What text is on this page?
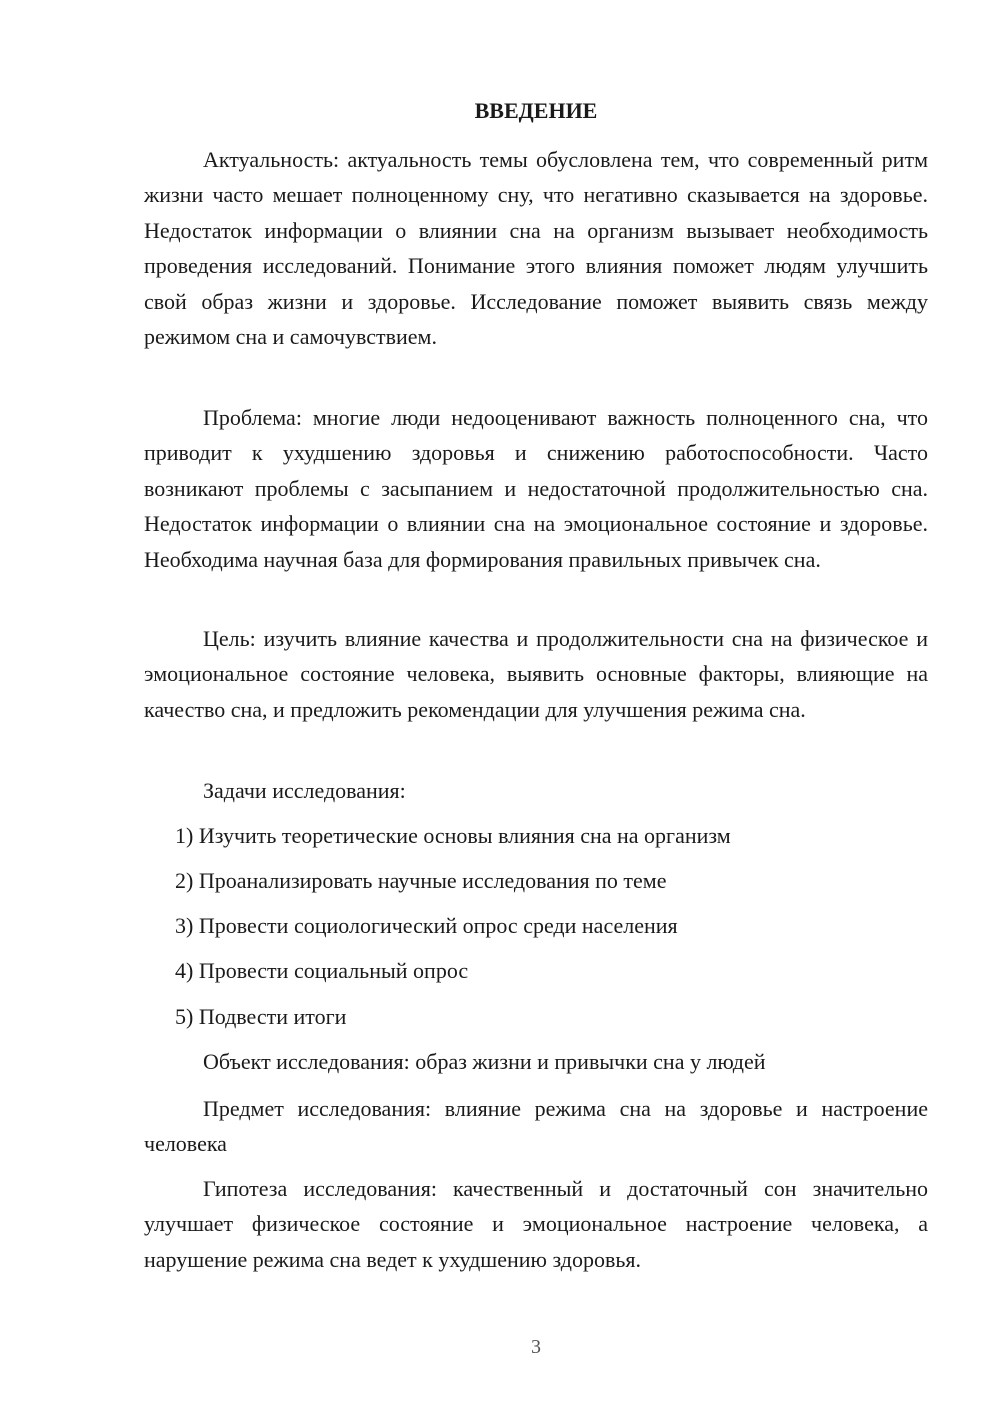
ВВЕДЕНИЕ

Актуальность: актуальность темы обусловлена тем, что современный ритм жизни часто мешает полноценному сну, что негативно сказывается на здоровье. Недостаток информации о влиянии сна на организм вызывает необходимость проведения исследований. Понимание этого влияния поможет людям улучшить свой образ жизни и здоровье. Исследование поможет выявить связь между режимом сна и самочувствием.

Проблема: многие люди недооценивают важность полноценного сна, что приводит к ухудшению здоровья и снижению работоспособности. Часто возникают проблемы с засыпанием и недостаточной продолжительностью сна. Недостаток информации о влиянии сна на эмоциональное состояние и здоровье. Необходима научная база для формирования правильных привычек сна.

Цель: изучить влияние качества и продолжительности сна на физическое и эмоциональное состояние человека, выявить основные факторы, влияющие на качество сна, и предложить рекомендации для улучшения режима сна.

Задачи исследования:

1) Изучить теоретические основы влияния сна на организм

2) Проанализировать научные исследования по теме

3) Провести социологический опрос среди населения

4) Провести социальный опрос

5) Подвести итоги

Объект исследования: образ жизни и привычки сна у людей

Предмет исследования: влияние режима сна на здоровье и настроение человека

Гипотеза исследования: качественный и достаточный сон значительно улучшает физическое состояние и эмоциональное настроение человека, а нарушение режима сна ведет к ухудшению здоровья.

3
